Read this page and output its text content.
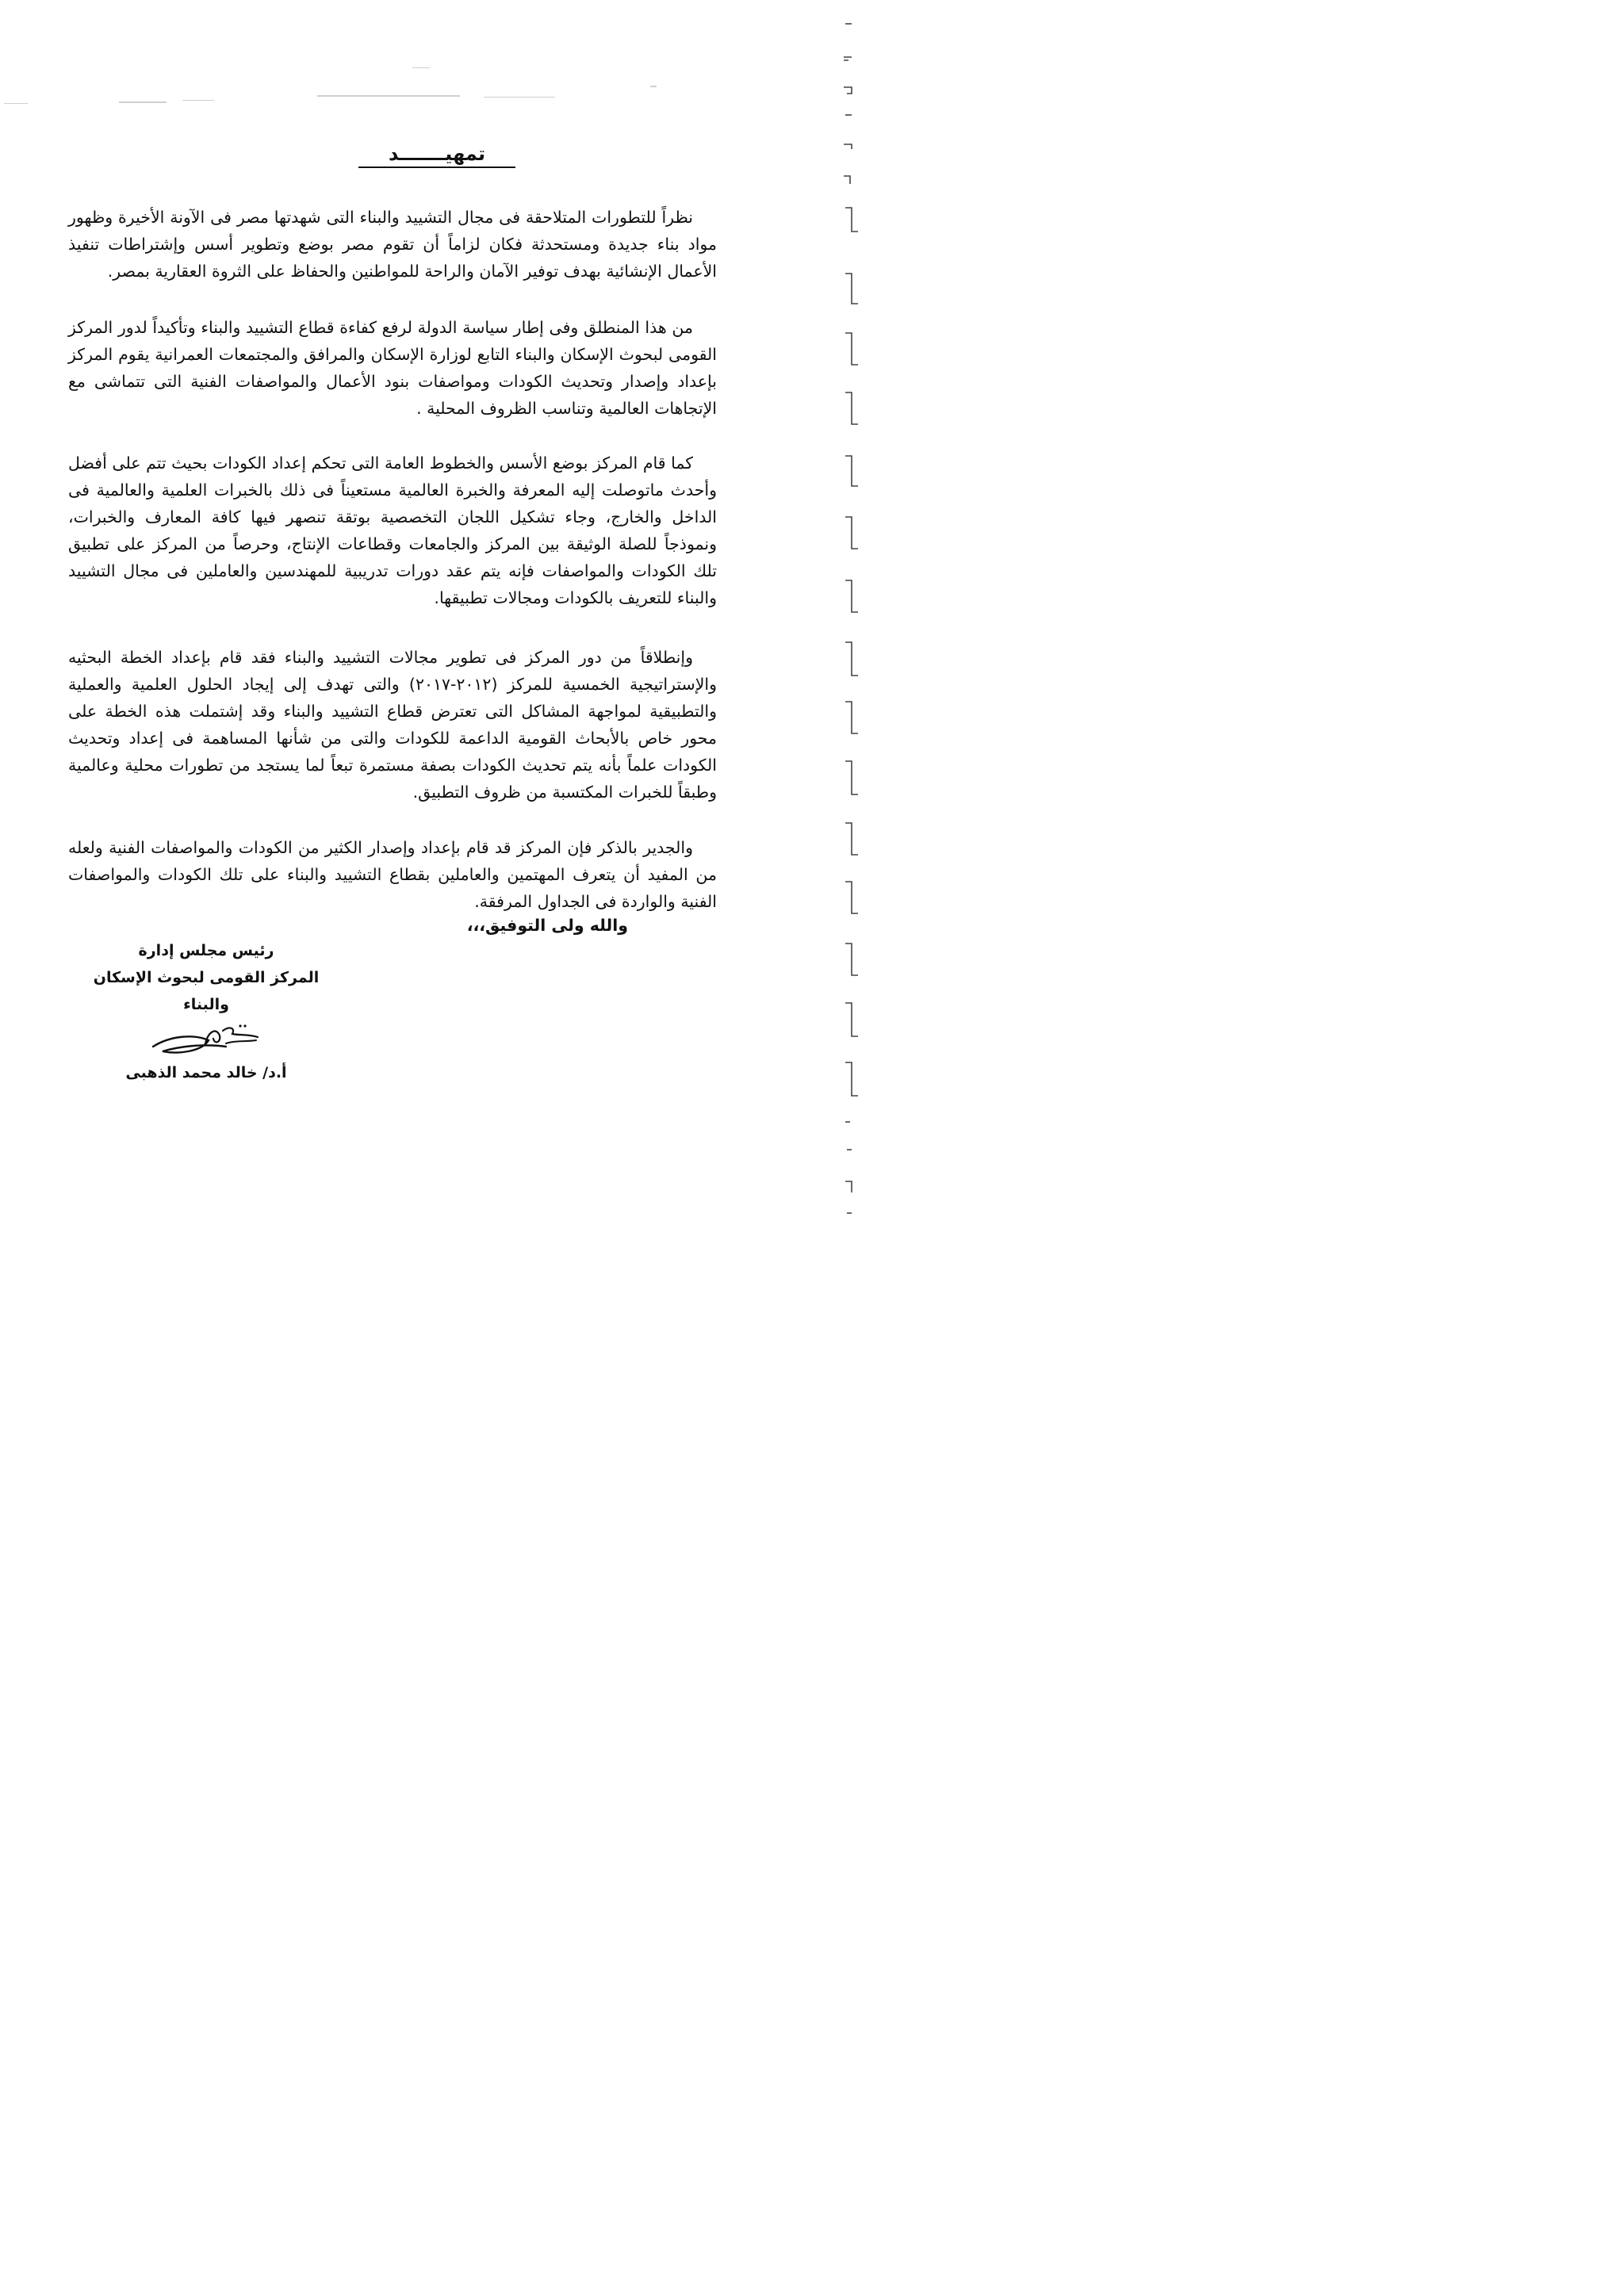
تمهيـــــــد

نظراً للتطورات المتلاحقة فى مجال التشييد والبناء التى شهدتها مصر فى الآونة الأخيرة وظهور مواد بناء جديدة ومستحدثة فكان لزاماً أن تقوم مصر بوضع وتطوير أسس وإشتراطات تنفيذ الأعمال الإنشائية بهدف توفير الآمان والراحة للمواطنين والحفاظ على الثروة العقارية بمصر.

من هذا المنطلق وفى إطار سياسة الدولة لرفع كفاءة قطاع التشييد والبناء وتأكيداً لدور المركز القومى لبحوث الإسكان والبناء التابع لوزارة الإسكان والمرافق والمجتمعات العمرانية يقوم المركز بإعداد وإصدار وتحديث الكودات ومواصفات بنود الأعمال والمواصفات الفنية التى تتماشى مع الإتجاهات العالمية وتناسب الظروف المحلية .

كما قام المركز بوضع الأسس والخطوط العامة التى تحكم إعداد الكودات بحيث تتم على أفضل وأحدث ماتوصلت إليه المعرفة والخبرة العالمية مستعيناً فى ذلك بالخبرات العلمية والعالمية فى الداخل والخارج، وجاء تشكيل اللجان التخصصية بوتقة تنصهر فيها كافة المعارف والخبرات، ونموذجاً للصلة الوثيقة بين المركز والجامعات وقطاعات الإنتاج، وحرصاً من المركز على تطبيق تلك الكودات والمواصفات فإنه يتم عقد دورات تدريبية للمهندسين والعاملين فى مجال التشييد والبناء للتعريف بالكودات ومجالات تطبيقها.

وإنطلاقاً من دور المركز فى تطوير مجالات التشييد والبناء فقد قام بإعداد الخطة البحثيه والإستراتيجية الخمسية للمركز (٢٠١٢-٢٠١٧) والتى تهدف إلى إيجاد الحلول العلمية والعملية والتطبيقية لمواجهة المشاكل التى تعترض قطاع التشييد والبناء وقد إشتملت هذه الخطة على محور خاص بالأبحاث القومية الداعمة للكودات والتى من شأنها المساهمة فى إعداد وتحديث الكودات علماً بأنه يتم تحديث الكودات بصفة مستمرة تبعاً لما يستجد من تطورات محلية وعالمية وطبقاً للخبرات المكتسبة من ظروف التطبيق.

والجدير بالذكر فإن المركز قد قام بإعداد وإصدار الكثير من الكودات والمواصفات الفنية ولعله من المفيد أن يتعرف المهتمين والعاملين بقطاع التشييد والبناء على تلك الكودات والمواصفات الفنية والواردة فى الجداول المرفقة.

والله ولى التوفيق،،،
رئيس مجلس إدارة
المركز القومى لبحوث الإسكان والبناء
أ.د/ خالد محمد الذهبى
